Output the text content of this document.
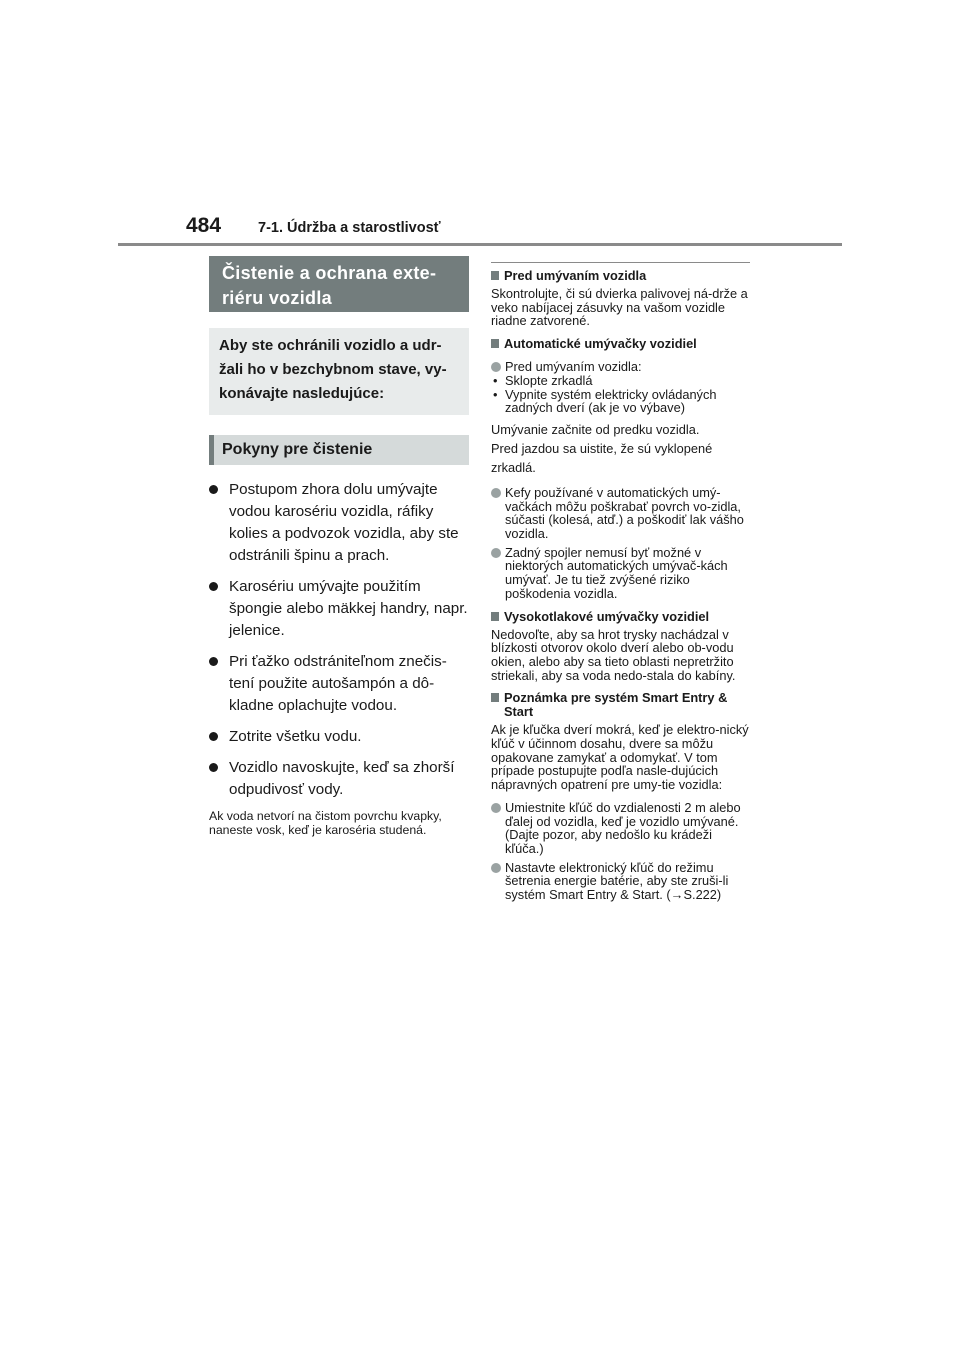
484	7-1. Údržba a starostlivosť
Čistenie a ochrana exte-riéru vozidla
Aby ste ochránili vozidlo a udr-žali ho v bezchybnom stave, vy-konávajte nasledujúce:
Pokyny pre čistenie
Postupom zhora dolu umývajte vodou karosériu vozidla, ráfiky kolies a podvozok vozidla, aby ste odstránili špinu a prach.
Karosériu umývajte použitím špongie alebo mäkkej handry, napr. jelenice.
Pri ťažko odstrániteľnom znečis-tení použite autošampón a dô-kladne oplachujte vodou.
Zotrite všetku vodu.
Vozidlo navoskujte, keď sa zhorší odpudivosť vody.

Ak voda netvorí na čistom povrchu kvapky, naneste vosk, keď je karoséria studená.

Pred umývaním vozidla

Skontrolujte, či sú dvierka palivovej ná-drže a veko nabíjacej zásuvky na vašom vozidle riadne zatvorené.

Automatické umývačky vozidiel

Pred umývaním vozidla:

• Sklopte zrkadlá

• Vypnite systém elektricky ovládaných zadných dverí (ak je vo výbave)

Umývanie začnite od predku vozidla.

Pred jazdou sa uistite, že sú vyklopené zrkadlá.

Kefy používané v automatických umý-vačkách môžu poškrabať povrch vo-zidla, súčasti (kolesá, atď.) a poškodiť lak vášho vozidla.

Zadný spojler nemusí byť možné v niektorých automatických umývač-kách umývať. Je tu tiež zvýšené riziko poškodenia vozidla.

Vysokotlakové umývačky vozidiel

Nedovoľte, aby sa hrot trysky nachádzal v blízkosti otvorov okolo dverí alebo ob-vodu okien, alebo aby sa tieto oblasti nepretržito striekali, aby sa voda nedo-stala do kabíny.

Poznámka pre systém Smart Entry & Start

Ak je kľučka dverí mokrá, keď je elektro-nický kľúč v účinnom dosahu, dvere sa môžu opakovane zamykať a odomykať. V tom prípade postupujte podľa nasle-dujúcich nápravných opatrení pre umy-tie vozidla:

Umiestnite kľúč do vzdialenosti 2 m alebo ďalej od vozidla, keď je vozidlo umývané. (Dajte pozor, aby nedošlo ku krádeži kľúča.)

Nastavte elektronický kľúč do režimu šetrenia energie batérie, aby ste zruši-li systém Smart Entry & Start. (→S.222)
